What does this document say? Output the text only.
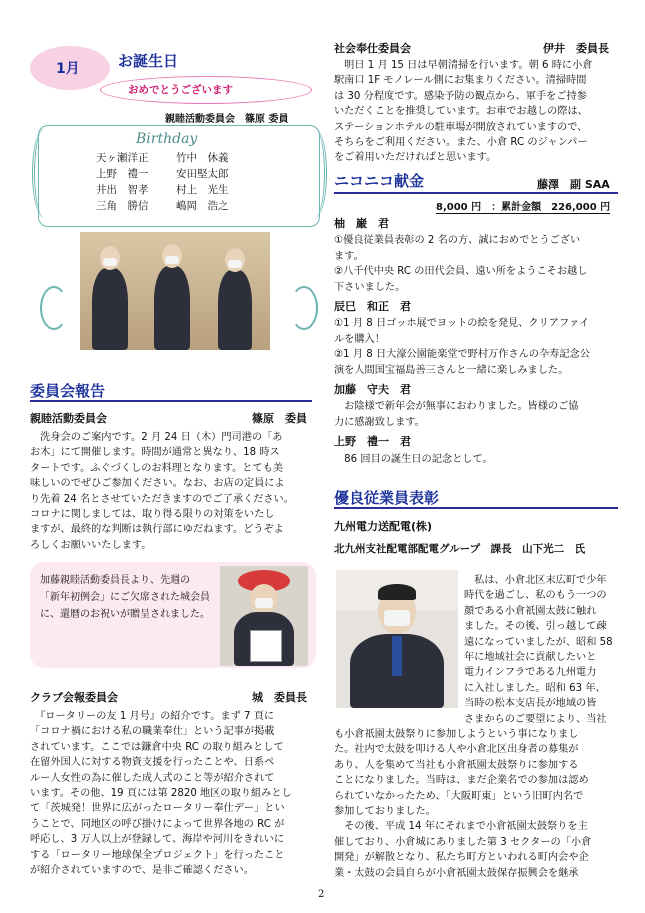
1月	お誕生日
おめでとうございます
親睦活動委員会　篠原 委員
Birthday
天ヶ瀬洋正	竹中　休義
上野　禮一	安田堅太郎
井出　智孝	村上　光生
三角　勝信	嶋岡　浩之
委員会報告
親睦活動委員会	篠原　委員

　洗身会のご案内です。2 月 24 日（木）門司港の「あ

お木」にて開催します。時間が通常と異なり、18 時ス

タートです。ふぐづくしのお料理となります。とても美

味しいのでぜひご参加ください。なお、お店の定員によ

り先着 24 名とさせていただきますのでご了承ください。

コロナに関しましては、取り得る限りの対策をいたし

ますが、最終的な判断は執行部にゆだねます。どうぞよ

ろしくお願いいたします。

加藤親睦活動委員長より、先週の

「新年初例会」にご欠席された城会員

に、還暦のお祝いが贈呈されました。

クラブ会報委員会	城　委員長

　『ロータリーの友 1 月号』の紹介です。まず 7 頁に

「コロナ禍における私の職業奉仕」という記事が掲載

されています。ここでは鎌倉中央 RC の取り組みとして

在留外国人に対する物資支援を行ったことや、日系ペ

ルー人女性の為に催した成人式のこと等が紹介されて

います。その他、19 頁には第 2820 地区の取り組みとし

て「茨城発！世界に広がったロータリー奉仕デー」とい

うことで、同地区の呼び掛けによって世界各地の RC が

呼応し、3 万人以上が登録して、海岸や河川をきれいに

する「ロータリー地球保全プロジェクト」を行ったこと

が紹介されていますので、是非ご確認ください。

社会奉仕委員会	伊井　委員長

　明日 1 月 15 日は早朝清掃を行います。朝 6 時に小倉

駅南口 1F モノレール側にお集まりください。清掃時間

は 30 分程度です。感染予防の観点から、軍手をご持参

いただくことを推奨しています。お車でお越しの際は、

ステーションホテルの駐車場が開放されていますので、

そちらをご利用ください。また、小倉 RC のジャンパー

をご着用いただければと思います。

ニコニコ献金	藤澤　副 SAA
8,000 円　：累計金額　226,000 円

柚　巌　君

①優良従業員表彰の 2 名の方、誠におめでとうござい

ます。

②八千代中央 RC の田代会員、遠い所をようこそお越し

下さいました。

辰巳　和正　君

①1 月 8 日ゴッホ展でヨットの絵を発見、クリアファイ

ルを購入！

②1 月 8 日大濠公園能楽堂で野村万作さんの卆寿記念公

演を人間国宝福島善三さんと一緒に楽しみました。

加藤　守夫　君

　お陰様で新年会が無事におわりました。皆様のご協

力に感謝致します。

上野　禮一　君

　86 回目の誕生日の記念として。

優良従業員表彰
九州電力送配電(株)
北九州支社配電部配電グループ　課長　山下光二　氏

　私は、小倉北区末広町で少年

時代を過ごし、私のもう一つの

顔である小倉祇園太鼓に触れ

ました。その後、引っ越して疎

遠になっていましたが、昭和 58

年に地域社会に貢献したいと

電力インフラである九州電力

に入社しました。昭和 63 年、

当時の松本支店長が地域の皆

さまからのご要望により、当社

も小倉祇園太鼓祭りに参加しようという事になりまし

た。社内で太鼓を叩ける人や小倉北区出身者の募集が

あり、人を集めて当社も小倉祇園太鼓祭りに参加する

ことになりました。当時は、まだ企業名での参加は認め

られていなかったため、「大阪町東」という旧町内名で

参加しておりました。

　その後、平成 14 年にそれまで小倉祇園太鼓祭りを主

催しており、小倉城にありました第 3 セクターの「小倉

開発」が解散となり、私たち町方といわれる町内会や企

業・太鼓の会員自らが小倉祇園太鼓保存振興会を継承

2
